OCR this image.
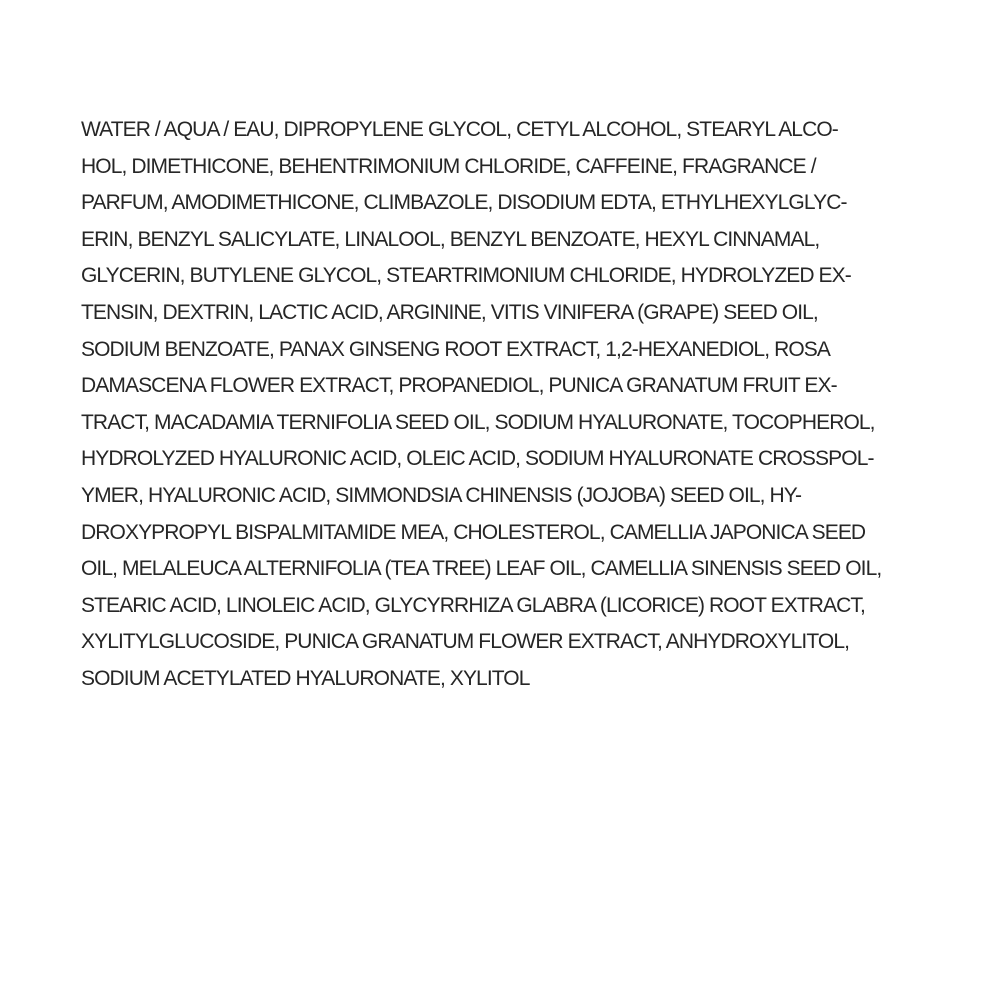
WATER / AQUA / EAU, DIPROPYLENE GLYCOL, CETYL ALCOHOL, STEARYL ALCO-
HOL, DIMETHICONE, BEHENTRIMONIUM CHLORIDE, CAFFEINE, FRAGRANCE /
PARFUM, AMODIMETHICONE, CLIMBAZOLE, DISODIUM EDTA, ETHYLHEXYLGLYC-
ERIN, BENZYL SALICYLATE, LINALOOL, BENZYL BENZOATE, HEXYL CINNAMAL,
GLYCERIN, BUTYLENE GLYCOL, STEARTRIMONIUM CHLORIDE, HYDROLYZED EX-
TENSIN, DEXTRIN, LACTIC ACID, ARGININE, VITIS VINIFERA (GRAPE) SEED OIL,
SODIUM BENZOATE, PANAX GINSENG ROOT EXTRACT, 1,2-HEXANEDIOL, ROSA
DAMASCENA FLOWER EXTRACT, PROPANEDIOL, PUNICA GRANATUM FRUIT EX-
TRACT, MACADAMIA TERNIFOLIA SEED OIL, SODIUM HYALURONATE, TOCOPHEROL,
HYDROLYZED HYALURONIC ACID, OLEIC ACID, SODIUM HYALURONATE CROSSPOL-
YMER, HYALURONIC ACID, SIMMONDSIA CHINENSIS (JOJOBA) SEED OIL, HY-
DROXYPROPYL BISPALMITAMIDE MEA, CHOLESTEROL, CAMELLIA JAPONICA SEED
OIL, MELALEUCA ALTERNIFOLIA (TEA TREE) LEAF OIL, CAMELLIA SINENSIS SEED OIL,
STEARIC ACID, LINOLEIC ACID, GLYCYRRHIZA GLABRA (LICORICE) ROOT EXTRACT,
XYLITYLGLUCOSIDE, PUNICA GRANATUM FLOWER EXTRACT, ANHYDROXYLITOL,
SODIUM ACETYLATED HYALURONATE, XYLITOL
